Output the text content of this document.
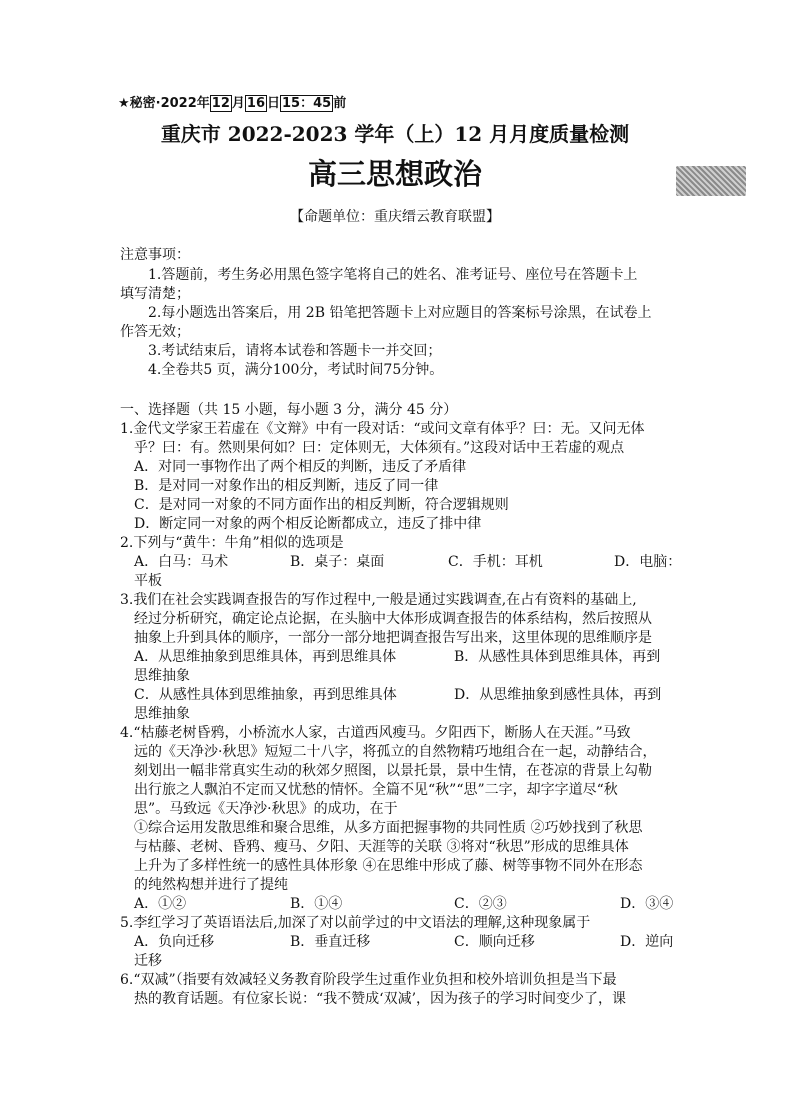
★秘密·2022年 12 月 16 日 15：45 前
重庆市 2022-2023 学年（上）12 月月度质量检测
高三思想政治
【命题单位：重庆缙云教育联盟】
注意事项：
1.答题前，考生务必用黑色签字笔将自己的姓名、准考证号、座位号在答题卡上
填写清楚；
2.每小题选出答案后，用 2B 铅笔把答题卡上对应题目的答案标号涂黑，在试卷上
作答无效；
3.考试结束后，请将本试卷和答题卡一并交回；
4.全卷共5 页，满分100分，考试时间75分钟。
一、选择题（共 15 小题，每小题 3 分，满分 45 分）
1.金代文学家王若虚在《文辩》中有一段对话：“或问文章有体乎？曰：无。又问无体
乎？曰：有。然则果何如？曰：定体则无，大体须有。”这段对话中王若虚的观点
A．对同一事物作出了两个相反的判断，违反了矛盾律
B．是对同一对象作出的相反判断，违反了同一律
C．是对同一对象的不同方面作出的相反判断，符合逻辑规则
D．断定同一对象的两个相反论断都成立，违反了排中律
2.下列与“黄牛：牛角”相似的选项是
A．白马：马术	B．桌子：桌面	C．手机：耳机	D．电脑：
平板
3.我们在社会实践调查报告的写作过程中,一般是通过实践调查,在占有资料的基础上,
经过分析研究，确定论点论据，在头脑中大体形成调查报告的体系结构，然后按照从
抽象上升到具体的顺序，一部分一部分地把调查报告写出来，这里体现的思维顺序是
A．从思维抽象到思维具体，再到思维具体	B．从感性具体到思维具体，再到
思维抽象
C．从感性具体到思维抽象，再到思维具体	D．从思维抽象到感性具体，再到
思维抽象
4.“枯藤老树昏鸦，小桥流水人家，古道西风瘦马。夕阳西下，断肠人在天涯。”马致
远的《天净沙·秋思》短短二十八字，将孤立的自然物精巧地组合在一起，动静结合，
刻划出一幅非常真实生动的秋郊夕照图，以景托景，景中生情，在苍凉的背景上勾勒
出行旅之人飘泊不定而又忧愁的情怀。全篇不见“秋”“思”二字，却字字道尽“秋
思”。马致远《天净沙·秋思》的成功，在于
①综合运用发散思维和聚合思维，从多方面把握事物的共同性质 ②巧妙找到了秋思
与枯藤、老树、昏鸦、瘦马、夕阳、天涯等的关联 ③将对“秋思”形成的思维具体
上升为了多样性统一的感性具体形象 ④在思维中形成了藤、树等事物不同外在形态
的纯然构想并进行了提纯
A．①②	B．①④	C．②③	D．③④
5.李红学习了英语语法后,加深了对以前学过的中文语法的理解,这种现象属于
A．负向迁移	B．垂直迁移	C．顺向迁移	D．逆向
迁移
6.“双减”（指要有效减轻义务教育阶段学生过重作业负担和校外培训负担是当下最
热的教育话题。有位家长说：“我不赞成‘双减’，因为孩子的学习时间变少了，课
